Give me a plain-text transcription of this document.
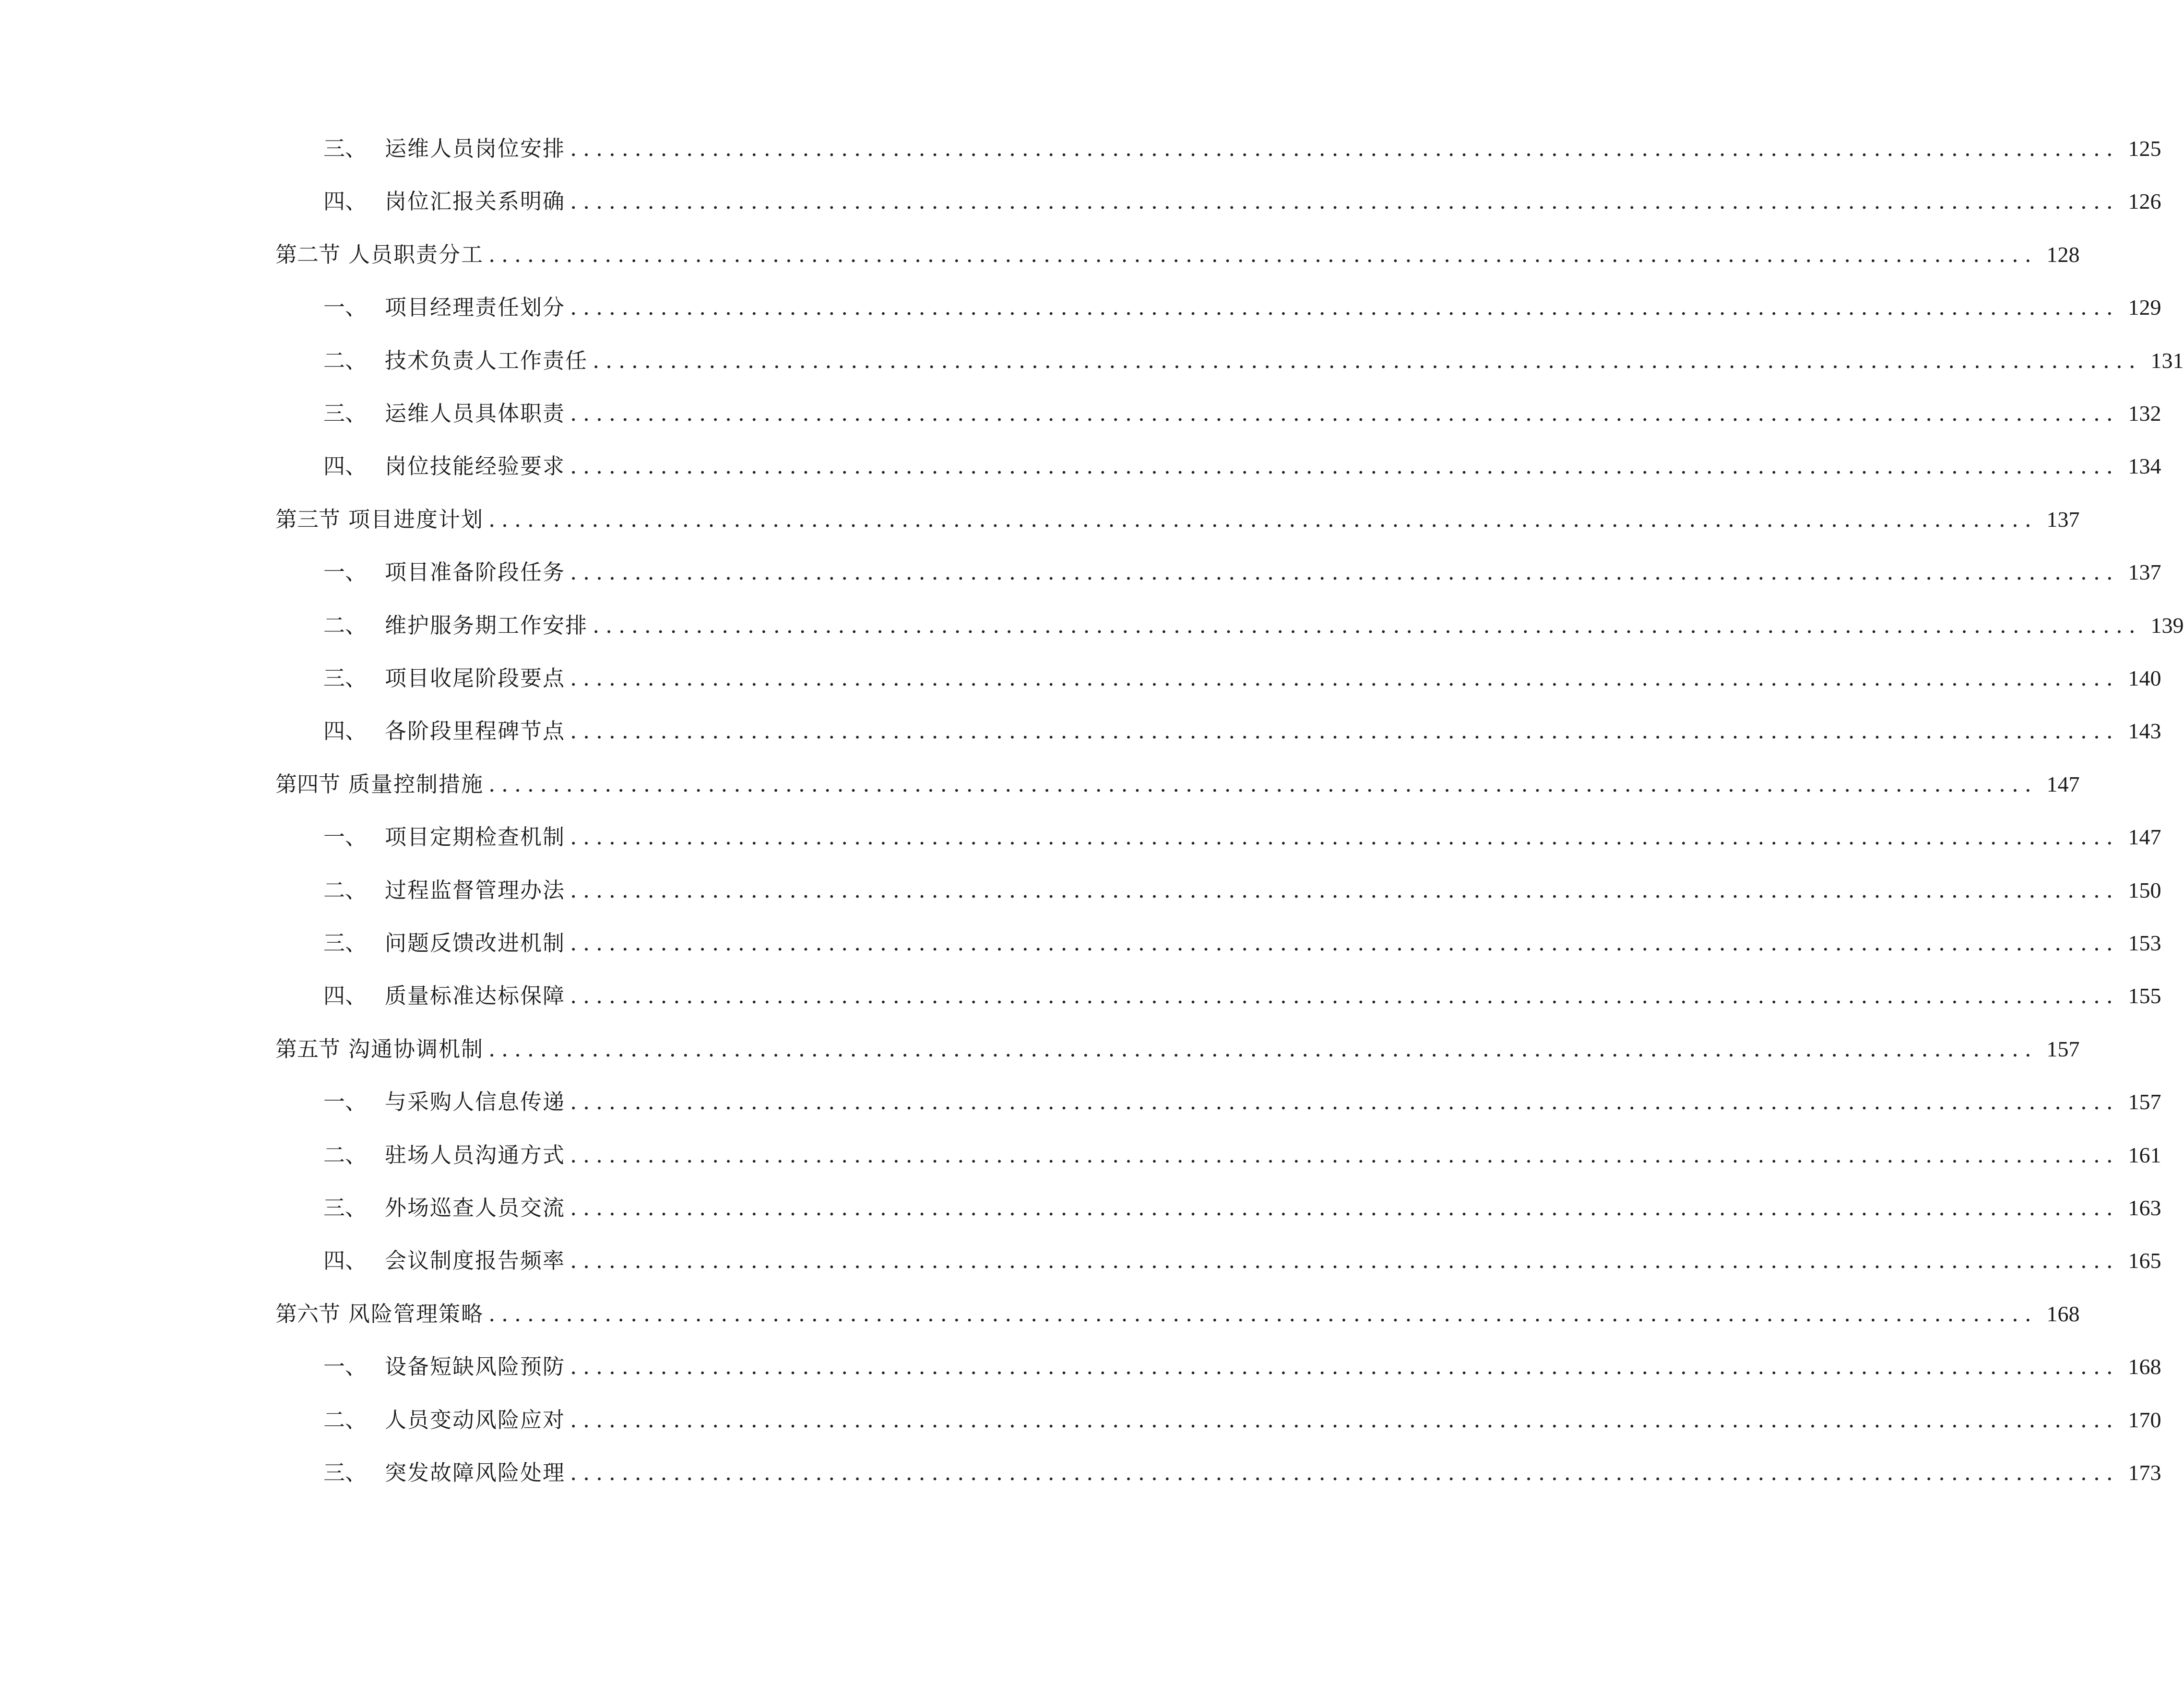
三、 运维人员岗位安排 ........................................................................................................................ 125
四、 岗位汇报关系明确 ........................................................................................................................ 126
第二节 人员职责分工 ........................................................................................................................ 128
一、 项目经理责任划分 ........................................................................................................................ 129
二、 技术负责人工作责任 ........................................................................................................................ 131
三、 运维人员具体职责 ........................................................................................................................ 132
四、 岗位技能经验要求 ........................................................................................................................ 134
第三节 项目进度计划 ........................................................................................................................ 137
一、 项目准备阶段任务 ........................................................................................................................ 137
二、 维护服务期工作安排 ........................................................................................................................ 139
三、 项目收尾阶段要点 ........................................................................................................................ 140
四、 各阶段里程碑节点 ........................................................................................................................ 143
第四节 质量控制措施 ........................................................................................................................ 147
一、 项目定期检查机制 ........................................................................................................................ 147
二、 过程监督管理办法 ........................................................................................................................ 150
三、 问题反馈改进机制 ........................................................................................................................ 153
四、 质量标准达标保障 ........................................................................................................................ 155
第五节 沟通协调机制 ........................................................................................................................ 157
一、 与采购人信息传递 ........................................................................................................................ 157
二、 驻场人员沟通方式 ........................................................................................................................ 161
三、 外场巡查人员交流 ........................................................................................................................ 163
四、 会议制度报告频率 ........................................................................................................................ 165
第六节 风险管理策略 ........................................................................................................................ 168
一、 设备短缺风险预防 ........................................................................................................................ 168
二、 人员变动风险应对 ........................................................................................................................ 170
三、 突发故障风险处理 ........................................................................................................................ 173
